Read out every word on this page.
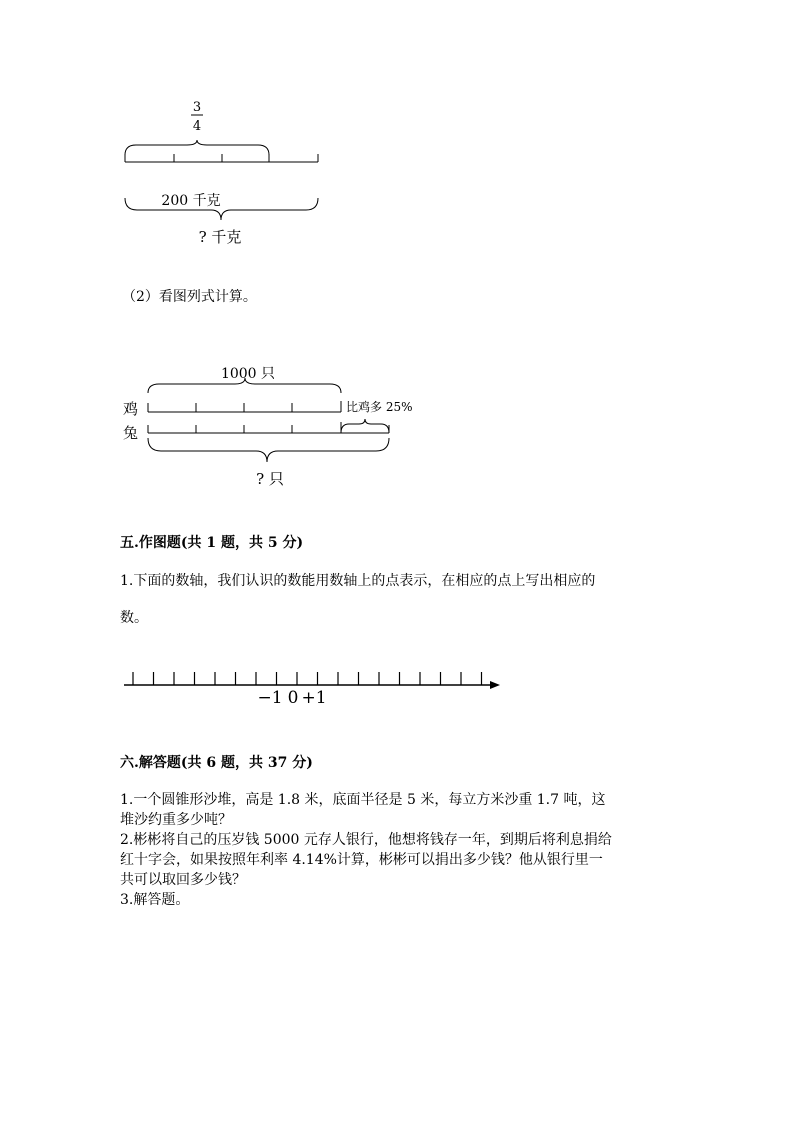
3
4
200 千克
? 千克
（2）看图列式计算。
1000 只
鸡	比鸡多 25%
兔
? 只
五.作图题(共 1 题，共 5 分)
1.下面的数轴，我们认识的数能用数轴上的点表示，在相应的点上写出相应的
数。
−1 0 +1
六.解答题(共 6 题，共 37 分)

1.一个圆锥形沙堆，高是 1.8 米，底面半径是 5 米，每立方米沙重 1.7 吨，这

堆沙约重多少吨？

2.彬彬将自己的压岁钱 5000 元存人银行，他想将钱存一年，到期后将利息捐给

红十字会，如果按照年利率 4.14%计算，彬彬可以捐出多少钱？他从银行里一

共可以取回多少钱？

3.解答题。
